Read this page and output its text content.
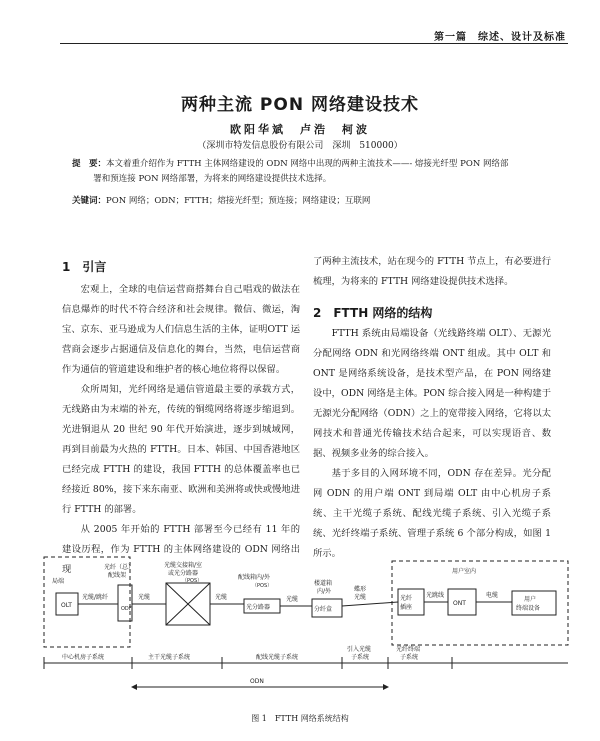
第一篇　综述、设计及标准
两种主流 PON 网络建设技术
欧阳华斌　卢浩　柯波
（深圳市特发信息股份有限公司　深圳　510000）
提　要：本文着重介绍作为 FTTH 主体网络建设的 ODN 网络中出现的两种主流技术——- 熔接光纤型 PON 网络部
署和预连接 PON 网络部署，为将来的网络建设提供技术选择。
关键词：PON 网络；ODN；FTTH；熔接光纤型；预连接；网络建设；互联网
1　引言

宏观上，全球的电信运营商搭舞台自己唱戏的做法在信息爆炸的时代不符合经济和社会规律。微信、微运，淘宝、京东、亚马逊成为人们信息生活的主体，证明OTT 运营商会逐步占据通信及信息化的舞台，当然，电信运营商作为通信的管道建设和维护者的核心地位将得以保留。

众所周知，光纤网络是通信管道最主要的承载方式，无线路由为末端的补充，传统的铜缆网络将逐步缩退到。光进铜退从 20 世纪 90 年代开始演进，逐步到城域网，再到目前最为火热的 FTTH。日本、韩国、中国香港地区已经完成 FTTH 的建设，我国 FTTH 的总体覆盖率也已经接近 80%，接下来东南亚、欧洲和美洲将或快或慢地进行 FTTH 的部署。

从 2005 年开始的 FTTH 部署至今已经有 11 年的建设历程，作为 FTTH 的主体网络建设的 ODN 网络出现

了两种主流技术，站在现今的 FTTH 节点上，有必要进行梳理，为将来的 FTTH 网络建设提供技术选择。

2　FTTH 网络的结构

FTTH 系统由局端设备（光线路终端 OLT）、无源光分配网络 ODN 和光网络终端 ONT 组成。其中 OLT 和 ONT 是网络系统设备，是技术型产品，在 PON 网络建设中，ODN 网络是主体。PON 综合接入网是一种构建于无源光分配网络（ODN）之上的宽带接入网络，它将以太网技术和普通光传输技术结合起来，可以实现语音、数据、视频多业务的综合接入。

基于多目的入网环境不同，ODN 存在差异。光分配网 ODN 的用户端 ONT 到局端 OLT 由中心机房子系统、主干光缆子系统、配线光缆子系统、引入光缆子系统、光纤终端子系统、管理子系统 6 个部分构成，如图 1 所示。

局端
OLT
光纤（总）
配线架
光缆/跳纤
ODF
光缆
光缆交接箱/室
或光分路器
（POS）
光缆
配线箱内/外
（POS）
光分路器
光缆
楼道箱
内/外
分纤盒
蝶形
光缆
用户室内
光纤
插座
光跳线
ONT
电缆
用户
终端设备
中心机房子系统	主干光缆子系统	配线光缆子系统
引入光缆
子系统
光纤终端
子系统
ODN
图 1　FTTH 网络系统结构
